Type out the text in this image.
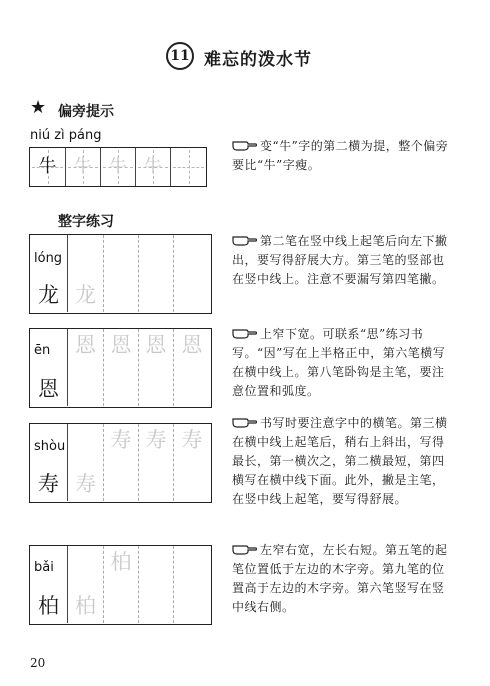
11 难忘的泼水节
★ 偏旁提示
niú zì páng
牛 牛 牛 牛
变“牛”字的第二横为提，整个偏旁要比“牛”字瘦。
整字练习
lóng
龙 龙
第二笔在竖中线上起笔后向左下撇出，要写得舒展大方。第三笔的竖部也在竖中线上。注意不要漏写第四笔撇。
ēn
恩
恩 恩 恩 恩	上窄下宽。可联系“思”练习书写。“因”写在上半格正中，第六笔横写在横中线上。第八笔卧钩是主笔，要注意位置和弧度。
shòu
寿 寿
寿 寿 寿
书写时要注意字中的横笔。第三横在横中线上起笔后，稍右上斜出，写得最长，第一横次之，第二横最短，第四横写在横中线下面。此外，撇是主笔，在竖中线上起笔，要写得舒展。
bǎi
柏 柏
柏	左窄右宽，左长右短。第五笔的起笔位置低于左边的木字旁。第九笔的位置高于左边的木字旁。第六笔竖写在竖中线右侧。
20
